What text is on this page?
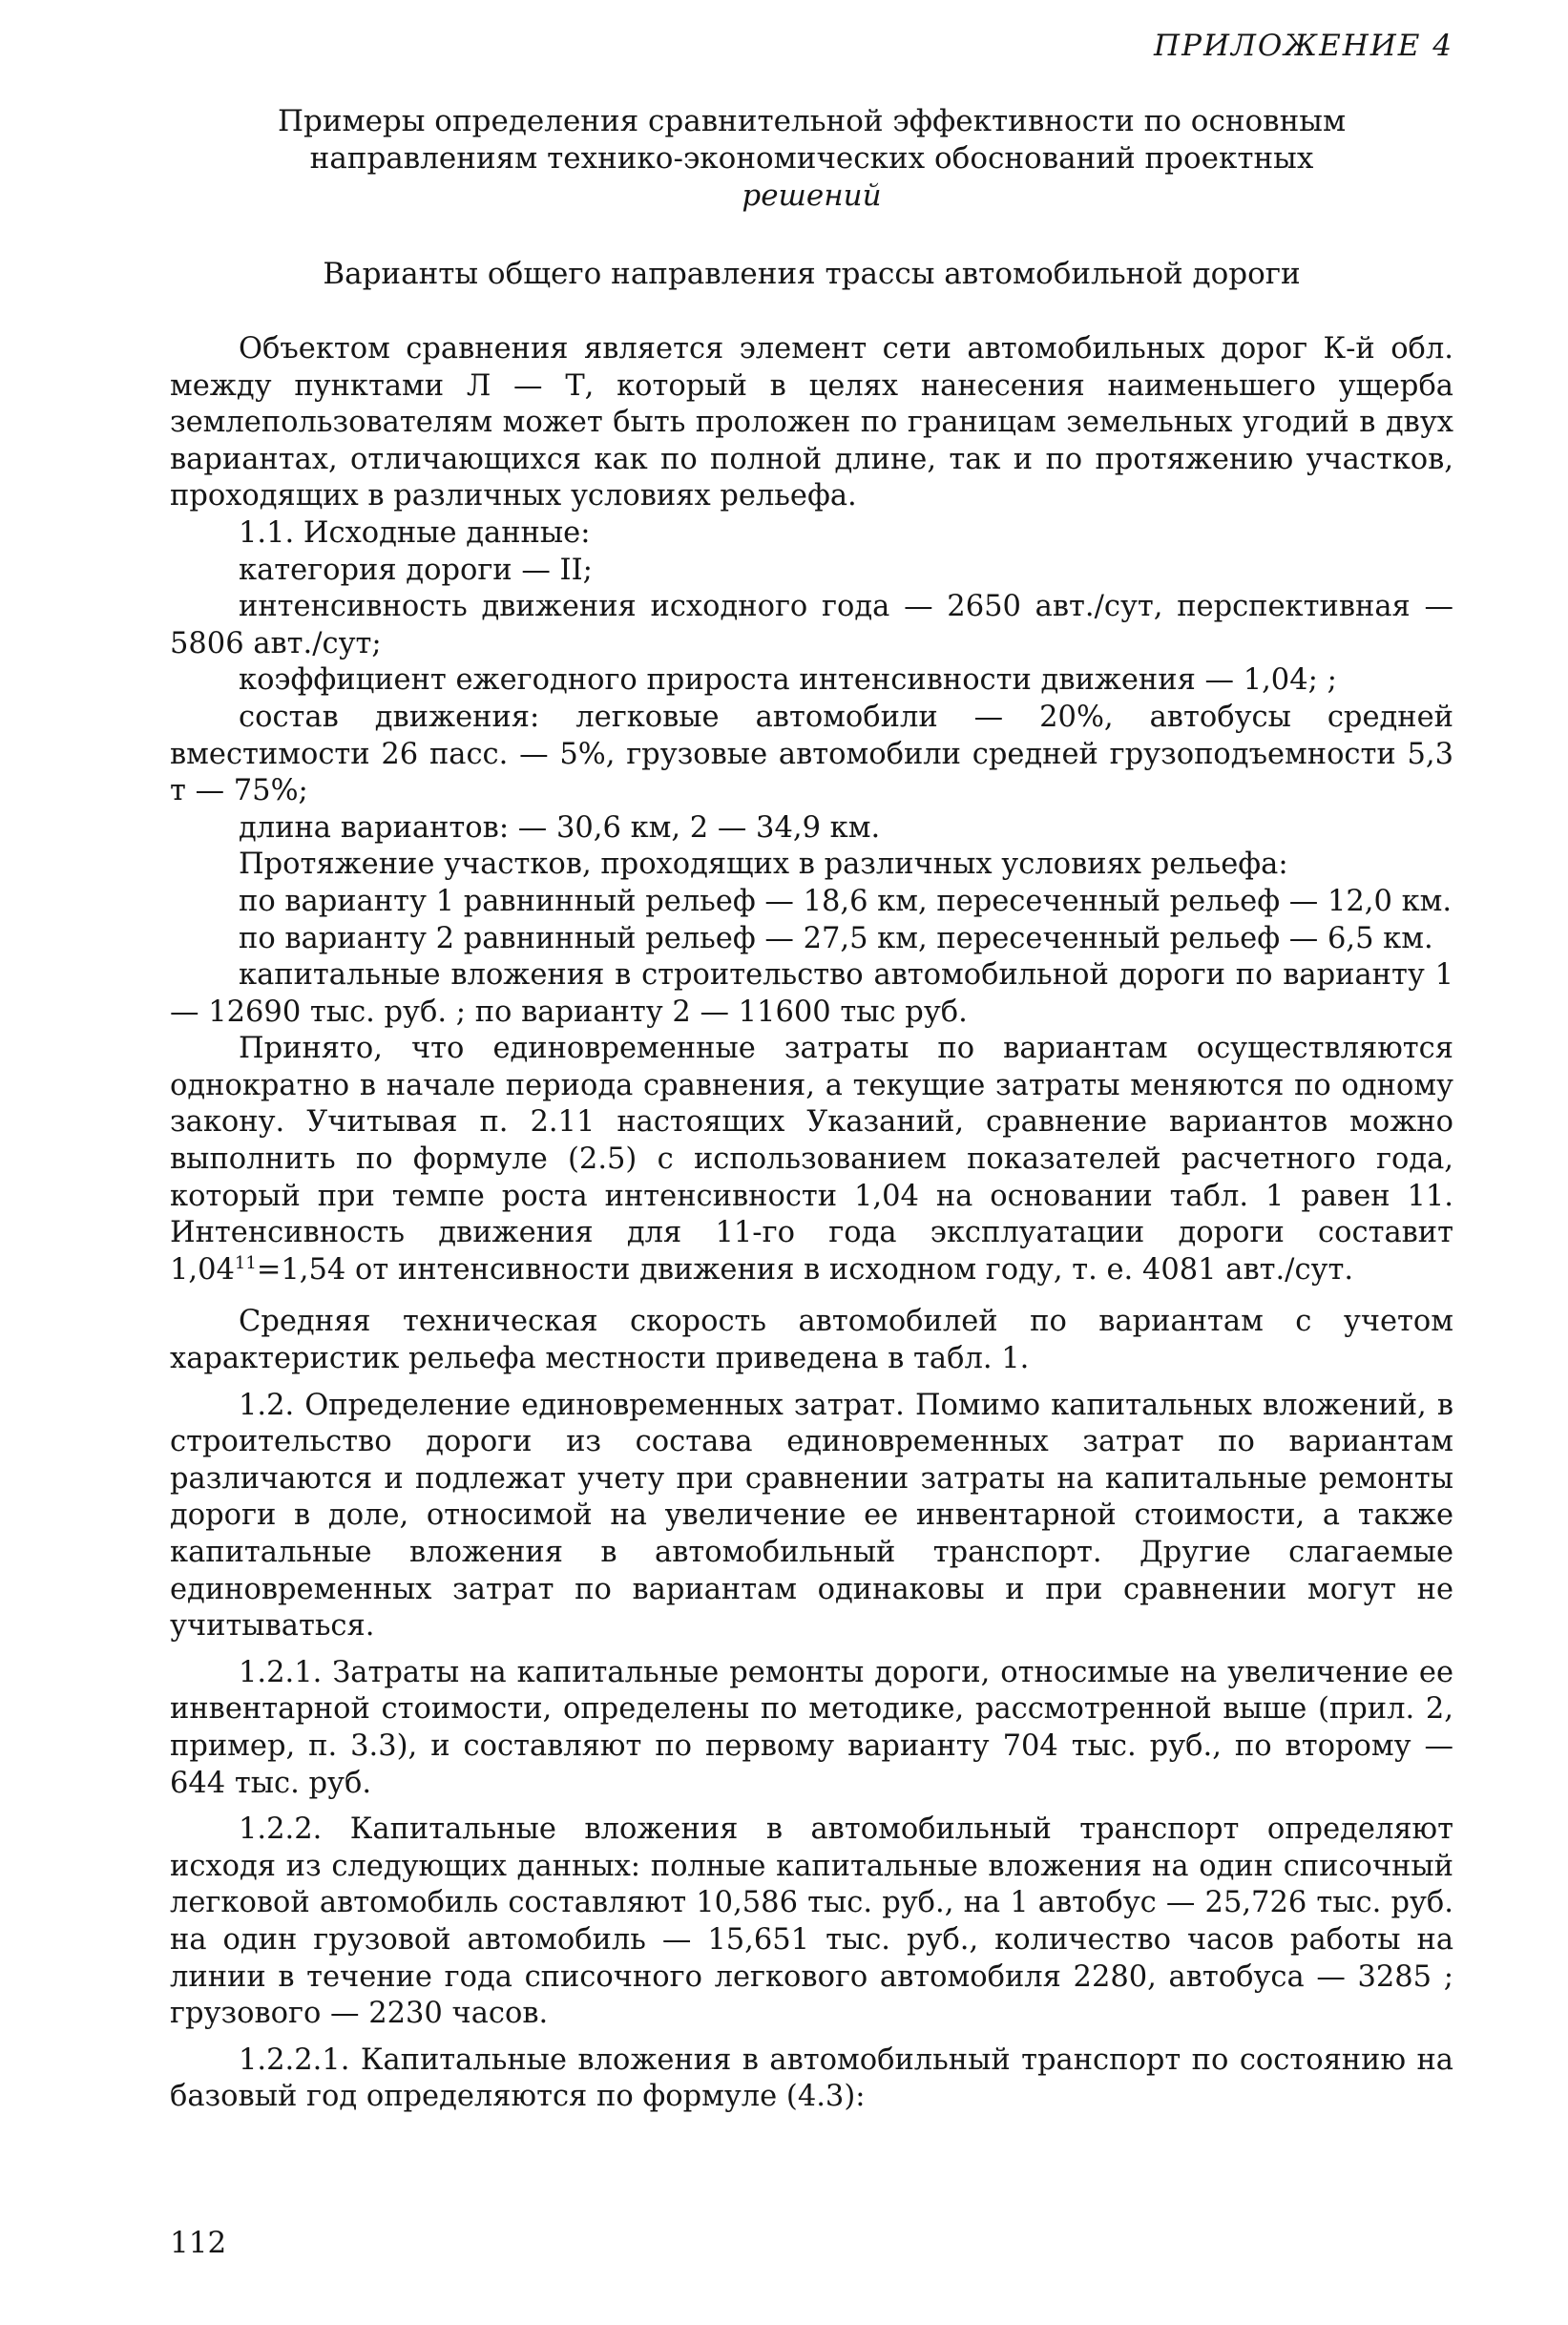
ПРИЛОЖЕНИЕ 4
Примеры определения сравнительной эффективности по основным
направлениям технико-экономических обоснований проектных
решений
Варианты общего направления трассы автомобильной дороги

Объектом сравнения является элемент сети автомобильных дорог К-й обл. между пунктами Л — Т, который в целях нанесения наименьшего ущерба землепользователям может быть проложен по границам земельных угодий в двух вариантах, отличающихся как по полной длине, так и по протяжению участков, проходящих в различных условиях рельефа.

1.1. Исходные данные:

категория дороги — II;

интенсивность движения исходного года — 2650 авт./сут, перспективная — 5806 авт./сут;

коэффициент ежегодного прироста интенсивности движения — 1,04; ;

состав движения: легковые автомобили — 20%, автобусы средней вместимости 26 пасс. — 5%, грузовые автомобили средней грузоподъемности 5,3 т — 75%;

длина вариантов: — 30,6 км, 2 — 34,9 км.

Протяжение участков, проходящих в различных условиях рельефа:

по варианту 1 равнинный рельеф — 18,6 км, пересеченный рельеф — 12,0 км.

по варианту 2 равнинный рельеф — 27,5 км, пересеченный рельеф — 6,5 км.

капитальные вложения в строительство автомобильной дороги по варианту 1 — 12690 тыс. руб. ; по варианту 2 — 11600 тыс руб.

Принято, что единовременные затраты по вариантам осуществляются однократно в начале периода сравнения, а текущие затраты меняются по одному закону. Учитывая п. 2.11 настоящих Указаний, сравнение вариантов можно выполнить по формуле (2.5) с использованием показателей расчетного года, который при темпе роста интенсивности 1,04 на основании табл. 1 равен 11. Интенсивность движения для 11-го года эксплуатации дороги составит $1,04^{11}=1,54$ от интенсивности движения в исходном году, т. е. 4081 авт./сут.

Средняя техническая скорость автомобилей по вариантам с учетом характеристик рельефа местности приведена в табл. 1.

1.2. Определение единовременных затрат. Помимо капитальных вложений, в строительство дороги из состава единовременных затрат по вариантам различаются и подлежат учету при сравнении затраты на капитальные ремонты дороги в доле, относимой на увеличение ее инвентарной стоимости, а также капитальные вложения в автомобильный транспорт. Другие слагаемые единовременных затрат по вариантам одинаковы и при сравнении могут не учитываться.

1.2.1. Затраты на капитальные ремонты дороги, относимые на увеличение ее инвентарной стоимости, определены по методике, рассмотренной выше (прил. 2, пример, п. 3.3), и составляют по первому варианту 704 тыс. руб., по второму — 644 тыс. руб.

1.2.2. Капитальные вложения в автомобильный транспорт определяют исходя из следующих данных: полные капитальные вложения на один списочный легковой автомобиль составляют 10,586 тыс. руб., на 1 автобус — 25,726 тыс. руб. на один грузовой автомобиль — 15,651 тыс. руб., количество часов работы на линии в течение года списочного легкового автомобиля 2280, автобуса — 3285 ; грузового — 2230 часов.

1.2.2.1. Капитальные вложения в автомобильный транспорт по состоянию на базовый год определяются по формуле (4.3):

112
